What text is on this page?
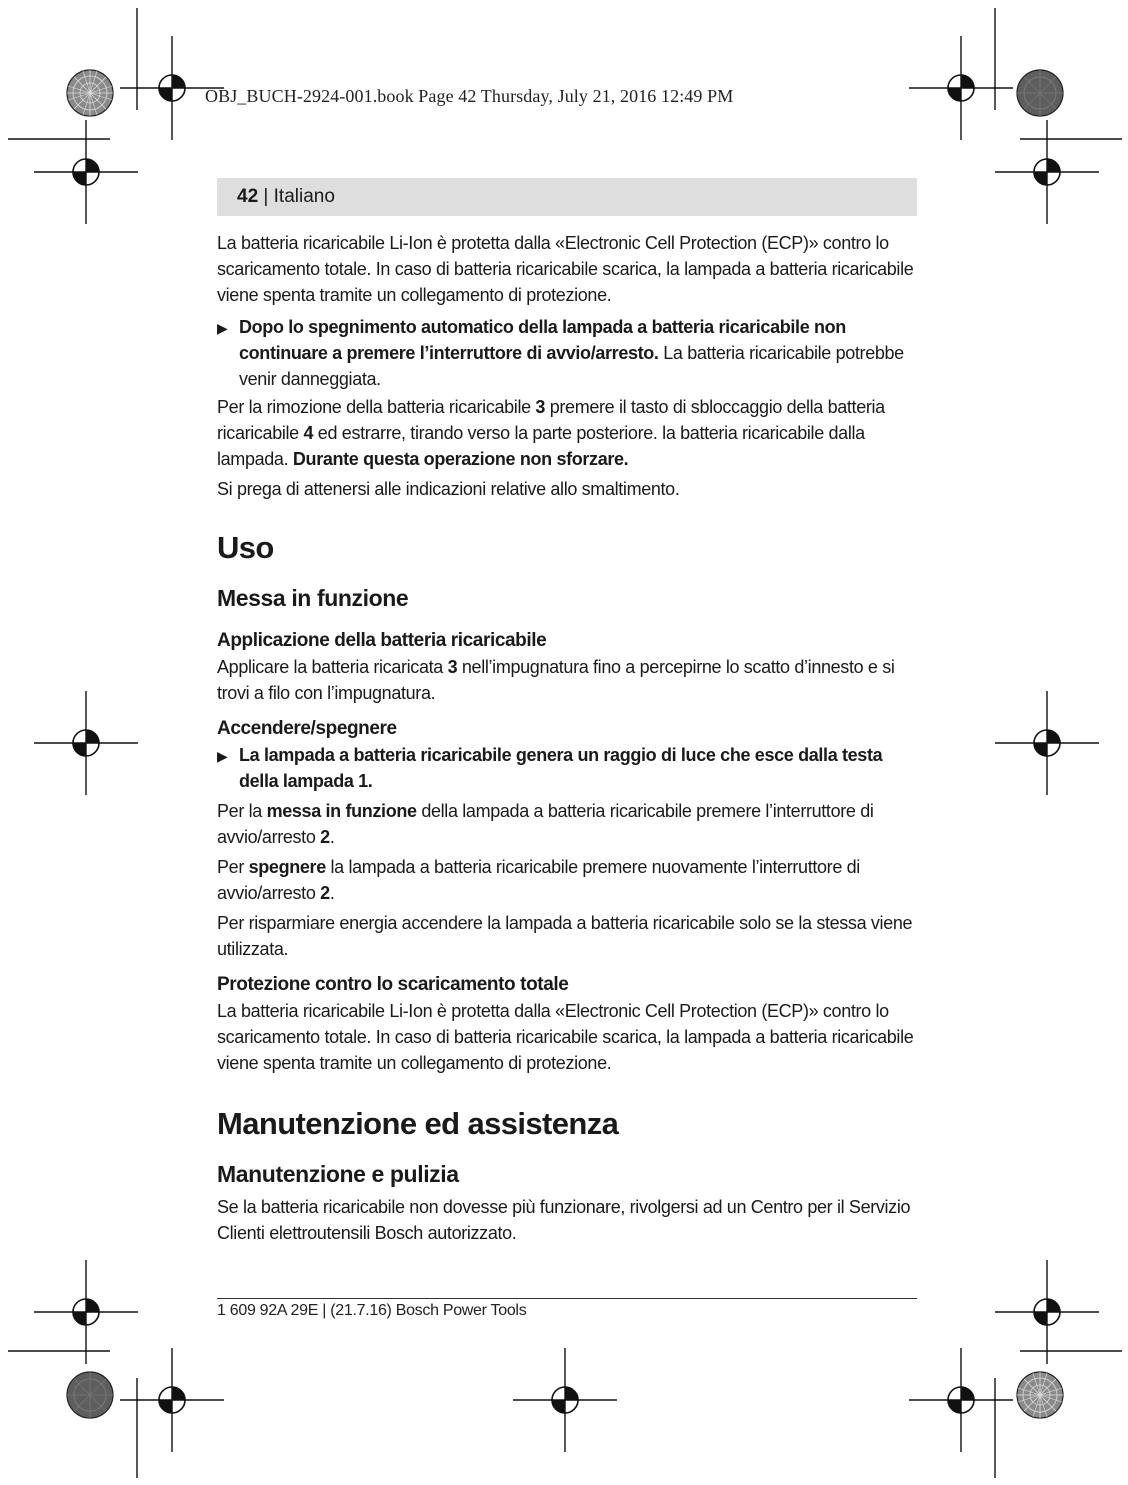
OBJ_BUCH-2924-001.book Page 42 Thursday, July 21, 2016 12:49 PM
42 | Italiano

La batteria ricaricabile Li-Ion è protetta dalla «Electronic Cell Protection (ECP)» contro lo scaricamento totale. In caso di batteria ricaricabile scarica, la lampada a batteria ricaricabile viene spenta tramite un collegamento di protezione.

▶ Dopo lo spegnimento automatico della lampada a batteria ricaricabile non continuare a premere l’interruttore di avvio/arresto. La batteria ricaricabile potrebbe venir danneggiata.

Per la rimozione della batteria ricaricabile 3 premere il tasto di sbloccaggio della batteria ricaricabile 4 ed estrarre, tirando verso la parte posteriore. la batteria ricaricabile dalla lampada. Durante questa operazione non sforzare.

Si prega di attenersi alle indicazioni relative allo smaltimento.

Uso
Messa in funzione
Applicazione della batteria ricaricabile

Applicare la batteria ricaricata 3 nell’impugnatura fino a percepirne lo scatto d’innesto e si trovi a filo con l’impugnatura.

Accendere/spegnere
▶ La lampada a batteria ricaricabile genera un raggio di luce che esce dalla testa della lampada 1.

Per la messa in funzione della lampada a batteria ricaricabile premere l’interruttore di avvio/arresto 2.

Per spegnere la lampada a batteria ricaricabile premere nuovamente l’interruttore di avvio/arresto 2.

Per risparmiare energia accendere la lampada a batteria ricaricabile solo se la stessa viene utilizzata.

Protezione contro lo scaricamento totale

La batteria ricaricabile Li-Ion è protetta dalla «Electronic Cell Protection (ECP)» contro lo scaricamento totale. In caso di batteria ricaricabile scarica, la lampada a batteria ricaricabile viene spenta tramite un collegamento di protezione.

Manutenzione ed assistenza
Manutenzione e pulizia

Se la batteria ricaricabile non dovesse più funzionare, rivolgersi ad un Centro per il Servizio Clienti elettroutensili Bosch autorizzato.

1 609 92A 29E | (21.7.16) Bosch Power Tools
